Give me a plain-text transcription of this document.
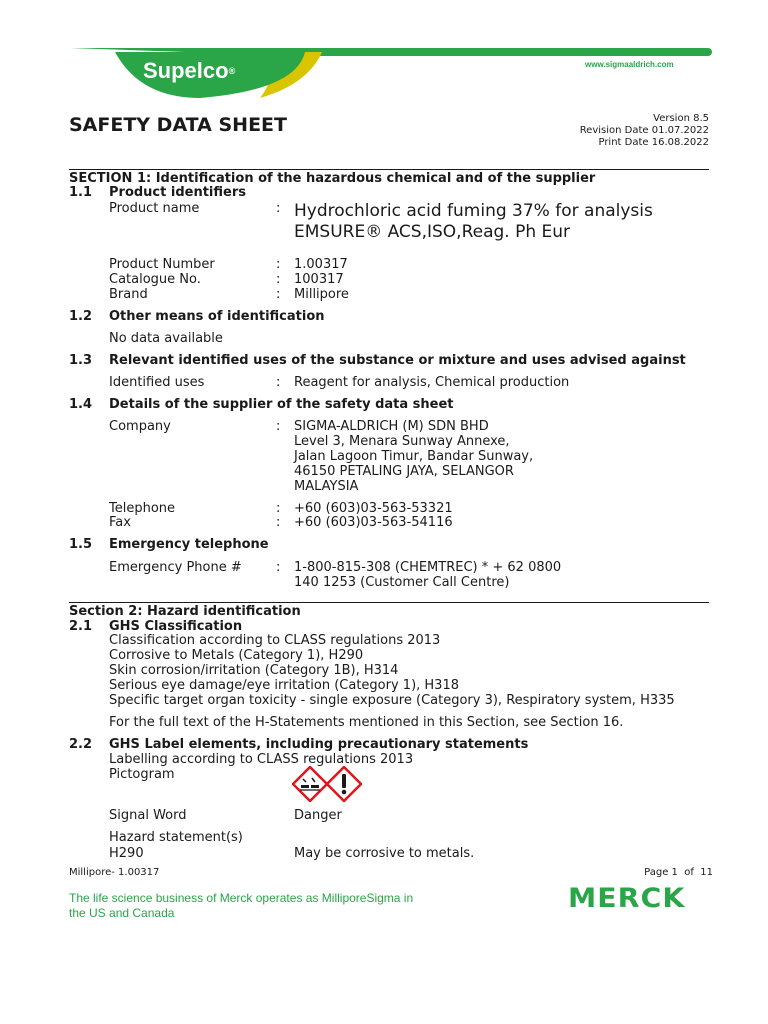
Supelco®
www.sigmaaldrich.com
SAFETY DATA SHEET	Version 8.5
Revision Date 01.07.2022
Print Date 16.08.2022
SECTION 1: Identification of the hazardous chemical and of the supplier
1.1 Product identifiers
Product name	: Hydrochloric acid fuming 37% for analysis
EMSURE® ACS,ISO,Reag. Ph Eur
Product Number	: 1.00317
Catalogue No.	: 100317
Brand	: Millipore
1.2 Other means of identification
No data available
1.3 Relevant identified uses of the substance or mixture and uses advised against
Identified uses	: Reagent for analysis, Chemical production
1.4 Details of the supplier of the safety data sheet
Company	: SIGMA-ALDRICH (M) SDN BHD
Level 3, Menara Sunway Annexe,
Jalan Lagoon Timur, Bandar Sunway,
46150 PETALING JAYA, SELANGOR
MALAYSIA
Telephone	: +60 (603)03-563-53321
Fax	: +60 (603)03-563-54116
1.5 Emergency telephone
Emergency Phone #	: 1-800-815-308 (CHEMTREC) * + 62 0800
140 1253 (Customer Call Centre)
Section 2: Hazard identification
2.1 GHS Classification
Classification according to CLASS regulations 2013
Corrosive to Metals (Category 1), H290
Skin corrosion/irritation (Category 1B), H314
Serious eye damage/eye irritation (Category 1), H318
Specific target organ toxicity - single exposure (Category 3), Respiratory system, H335
For the full text of the H-Statements mentioned in this Section, see Section 16.
2.2 GHS Label elements, including precautionary statements
Labelling according to CLASS regulations 2013
Pictogram
Signal Word	Danger
Hazard statement(s)
H290	May be corrosive to metals.
Millipore- 1.00317	Page 1  of  11
The life science business of Merck operates as MilliporeSigma in
the US and Canada	MERCK
